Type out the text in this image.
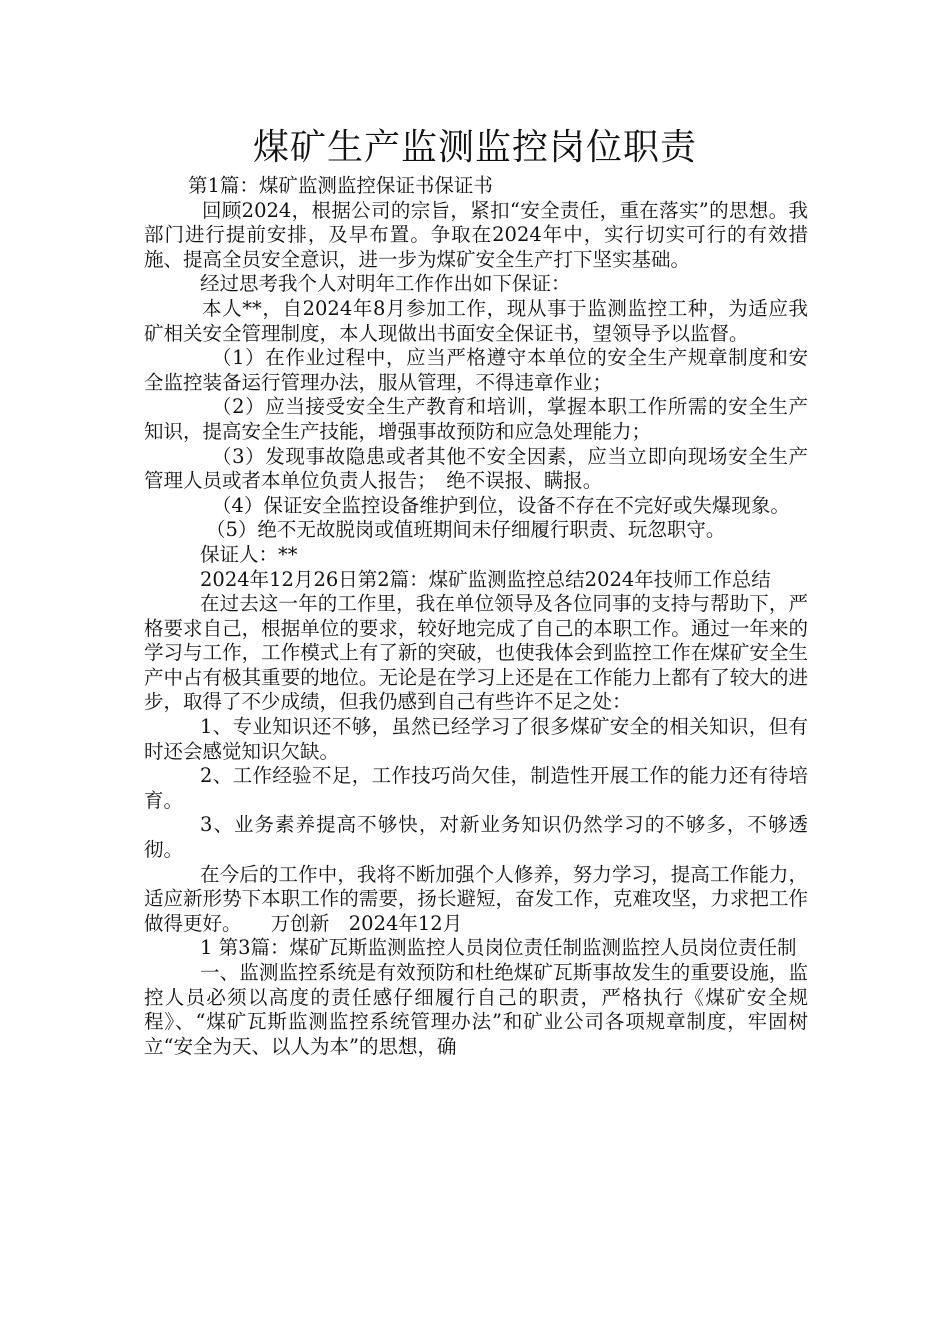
煤矿生产监测监控岗位职责

第1篇：煤矿监测监控保证书保证书

回顾2024，根据公司的宗旨，紧扣“安全责任，重在落实”的思想。我部门进行提前安排，及早布置。争取在2024年中，实行切实可行的有效措施、提高全员安全意识，进一步为煤矿安全生产打下坚实基础。

经过思考我个人对明年工作作出如下保证：

本人**，自2024年8月参加工作，现从事于监测监控工种，为适应我矿相关安全管理制度，本人现做出书面安全保证书，望领导予以监督。

（1）在作业过程中，应当严格遵守本单位的安全生产规章制度和安全监控装备运行管理办法，服从管理，不得违章作业；

（2）应当接受安全生产教育和培训，掌握本职工作所需的安全生产知识，提高安全生产技能，增强事故预防和应急处理能力；

（3）发现事故隐患或者其他不安全因素，应当立即向现场安全生产管理人员或者本单位负责人报告；　绝不误报、瞒报。

（4）保证安全监控设备维护到位，设备不存在不完好或失爆现象。

（5）绝不无故脱岗或值班期间未仔细履行职责、玩忽职守。

保证人：**

2024年12月26日第2篇：煤矿监测监控总结2024年技师工作总结

在过去这一年的工作里，我在单位领导及各位同事的支持与帮助下，严格要求自己，根据单位的要求，较好地完成了自己的本职工作。通过一年来的学习与工作，工作模式上有了新的突破，也使我体会到监控工作在煤矿安全生产中占有极其重要的地位。无论是在学习上还是在工作能力上都有了较大的进步，取得了不少成绩，但我仍感到自己有些许不足之处：

1、专业知识还不够，虽然已经学习了很多煤矿安全的相关知识，但有时还会感觉知识欠缺。

2、工作经验不足，工作技巧尚欠佳，制造性开展工作的能力还有待培育。

3、业务素养提高不够快，对新业务知识仍然学习的不够多，不够透彻。

在今后的工作中，我将不断加强个人修养，努力学习，提高工作能力，适应新形势下本职工作的需要，扬长避短，奋发工作，克难攻坚，力求把工作做得更好。　　万创新　2024年12月

1 第3篇：煤矿瓦斯监测监控人员岗位责任制监测监控人员岗位责任制

一、监测监控系统是有效预防和杜绝煤矿瓦斯事故发生的重要设施，监控人员必须以高度的责任感仔细履行自己的职责，严格执行《煤矿安全规程》、“煤矿瓦斯监测监控系统管理办法”和矿业公司各项规章制度，牢固树立“安全为天、以人为本”的思想，确
